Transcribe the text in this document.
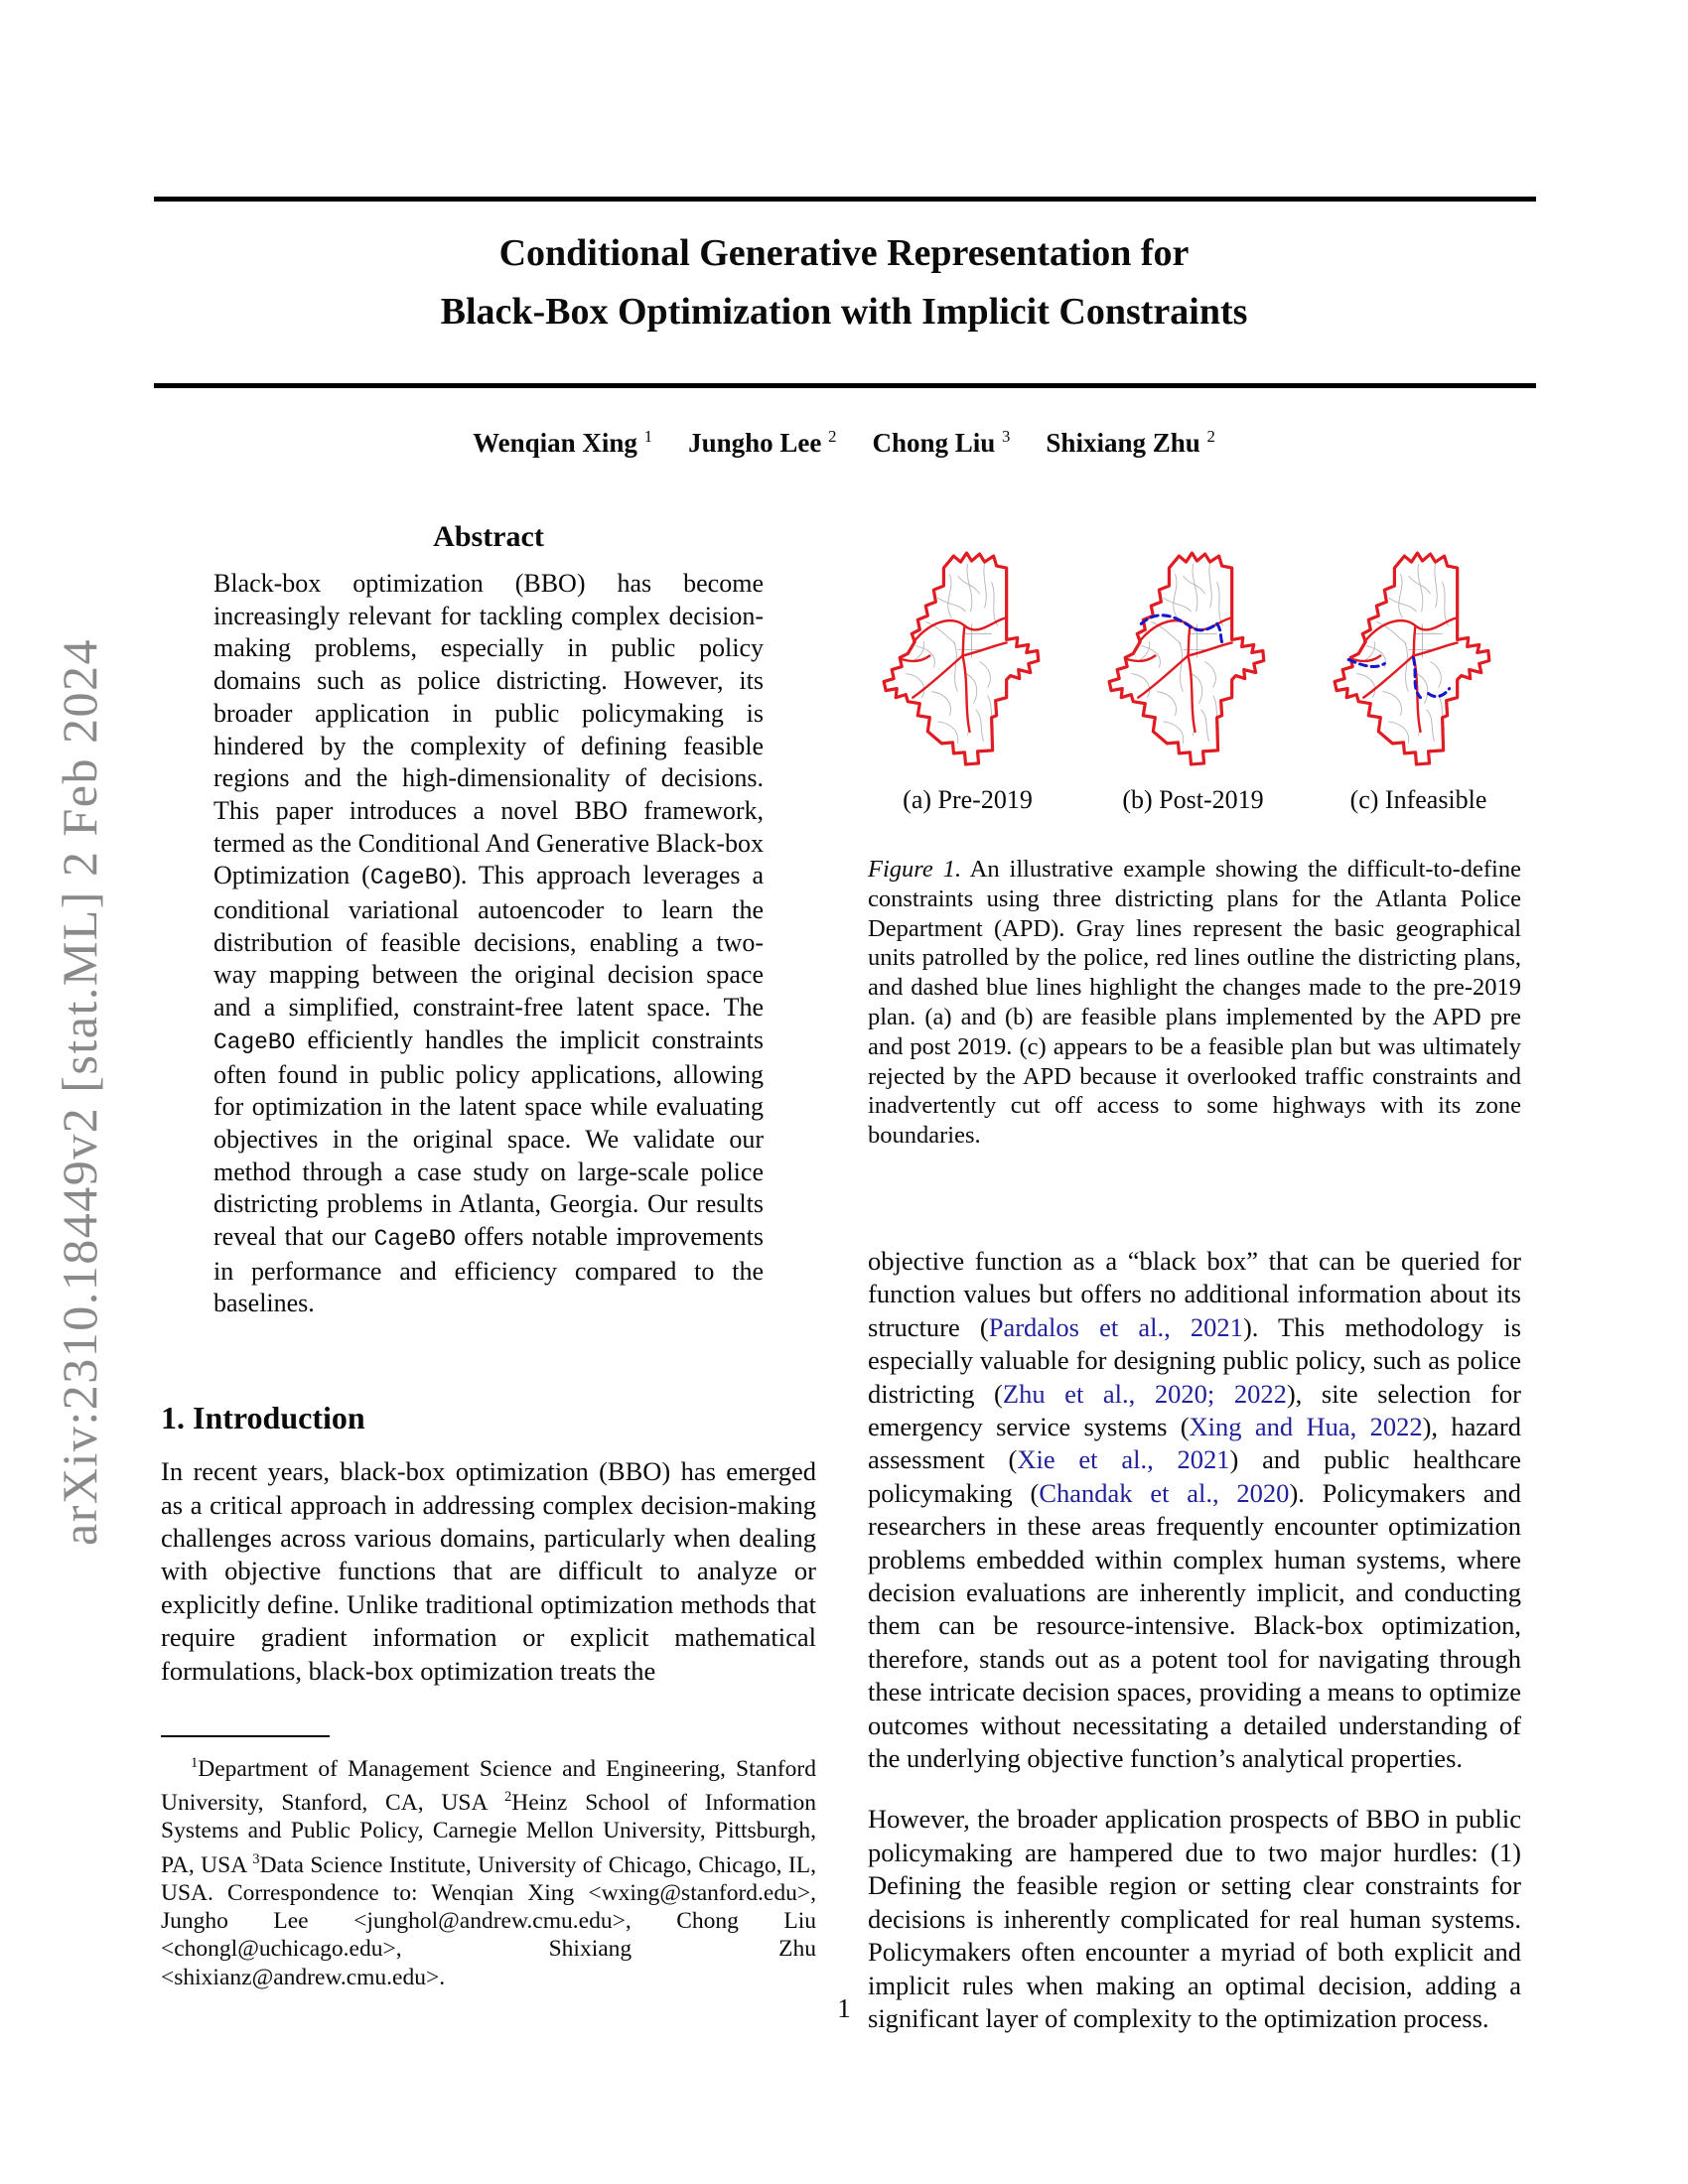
arXiv:2310.18449v2 [stat.ML] 2 Feb 2024
Conditional Generative Representation for
Black-Box Optimization with Implicit Constraints
Wenqian Xing $^1$ Jungho Lee $^2$ Chong Liu $^3$ Shixiang Zhu $^2$
Abstract

Black-box optimization (BBO) has become increasingly relevant for tackling complex decision-making problems, especially in public policy domains such as police districting. However, its broader application in public policymaking is hindered by the complexity of defining feasible regions and the high-dimensionality of decisions. This paper introduces a novel BBO framework, termed as the Conditional And Generative Black-box Optimization (CageBO). This approach leverages a conditional variational autoencoder to learn the distribution of feasible decisions, enabling a two-way mapping between the original decision space and a simplified, constraint-free latent space. The CageBO efficiently handles the implicit constraints often found in public policy applications, allowing for optimization in the latent space while evaluating objectives in the original space. We validate our method through a case study on large-scale police districting problems in Atlanta, Georgia. Our results reveal that our CageBO offers notable improvements in performance and efficiency compared to the baselines.

1. Introduction

In recent years, black-box optimization (BBO) has emerged as a critical approach in addressing complex decision-making challenges across various domains, particularly when dealing with objective functions that are difficult to analyze or explicitly define. Unlike traditional optimization methods that require gradient information or explicit mathematical formulations, black-box optimization treats the

$^1$Department of Management Science and Engineering, Stanford University, Stanford, CA, USA $^2$Heinz School of Information Systems and Public Policy, Carnegie Mellon University, Pittsburgh, PA, USA $^3$Data Science Institute, University of Chicago, Chicago, IL, USA. Correspondence to: Wenqian Xing <wxing@stanford.edu>, Jungho Lee <junghol@andrew.cmu.edu>, Chong Liu <chongl@uchicago.edu>, Shixiang Zhu <shixianz@andrew.cmu.edu>.

(a) Pre-2019	(b) Post-2019	(c) Infeasible
Figure 1. An illustrative example showing the difficult-to-define constraints using three districting plans for the Atlanta Police Department (APD). Gray lines represent the basic geographical units patrolled by the police, red lines outline the districting plans, and dashed blue lines highlight the changes made to the pre-2019 plan. (a) and (b) are feasible plans implemented by the APD pre and post 2019. (c) appears to be a feasible plan but was ultimately rejected by the APD because it overlooked traffic constraints and inadvertently cut off access to some highways with its zone boundaries.

objective function as a “black box” that can be queried for function values but offers no additional information about its structure (Pardalos et al., 2021). This methodology is especially valuable for designing public policy, such as police districting (Zhu et al., 2020; 2022), site selection for emergency service systems (Xing and Hua, 2022), hazard assessment (Xie et al., 2021) and public healthcare policymaking (Chandak et al., 2020). Policymakers and researchers in these areas frequently encounter optimization problems embedded within complex human systems, where decision evaluations are inherently implicit, and conducting them can be resource-intensive. Black-box optimization, therefore, stands out as a potent tool for navigating through these intricate decision spaces, providing a means to optimize outcomes without necessitating a detailed understanding of the underlying objective function’s analytical properties.

However, the broader application prospects of BBO in public policymaking are hampered due to two major hurdles: (1) Defining the feasible region or setting clear constraints for decisions is inherently complicated for real human systems. Policymakers often encounter a myriad of both explicit and implicit rules when making an optimal decision, adding a significant layer of complexity to the optimization process.

1
